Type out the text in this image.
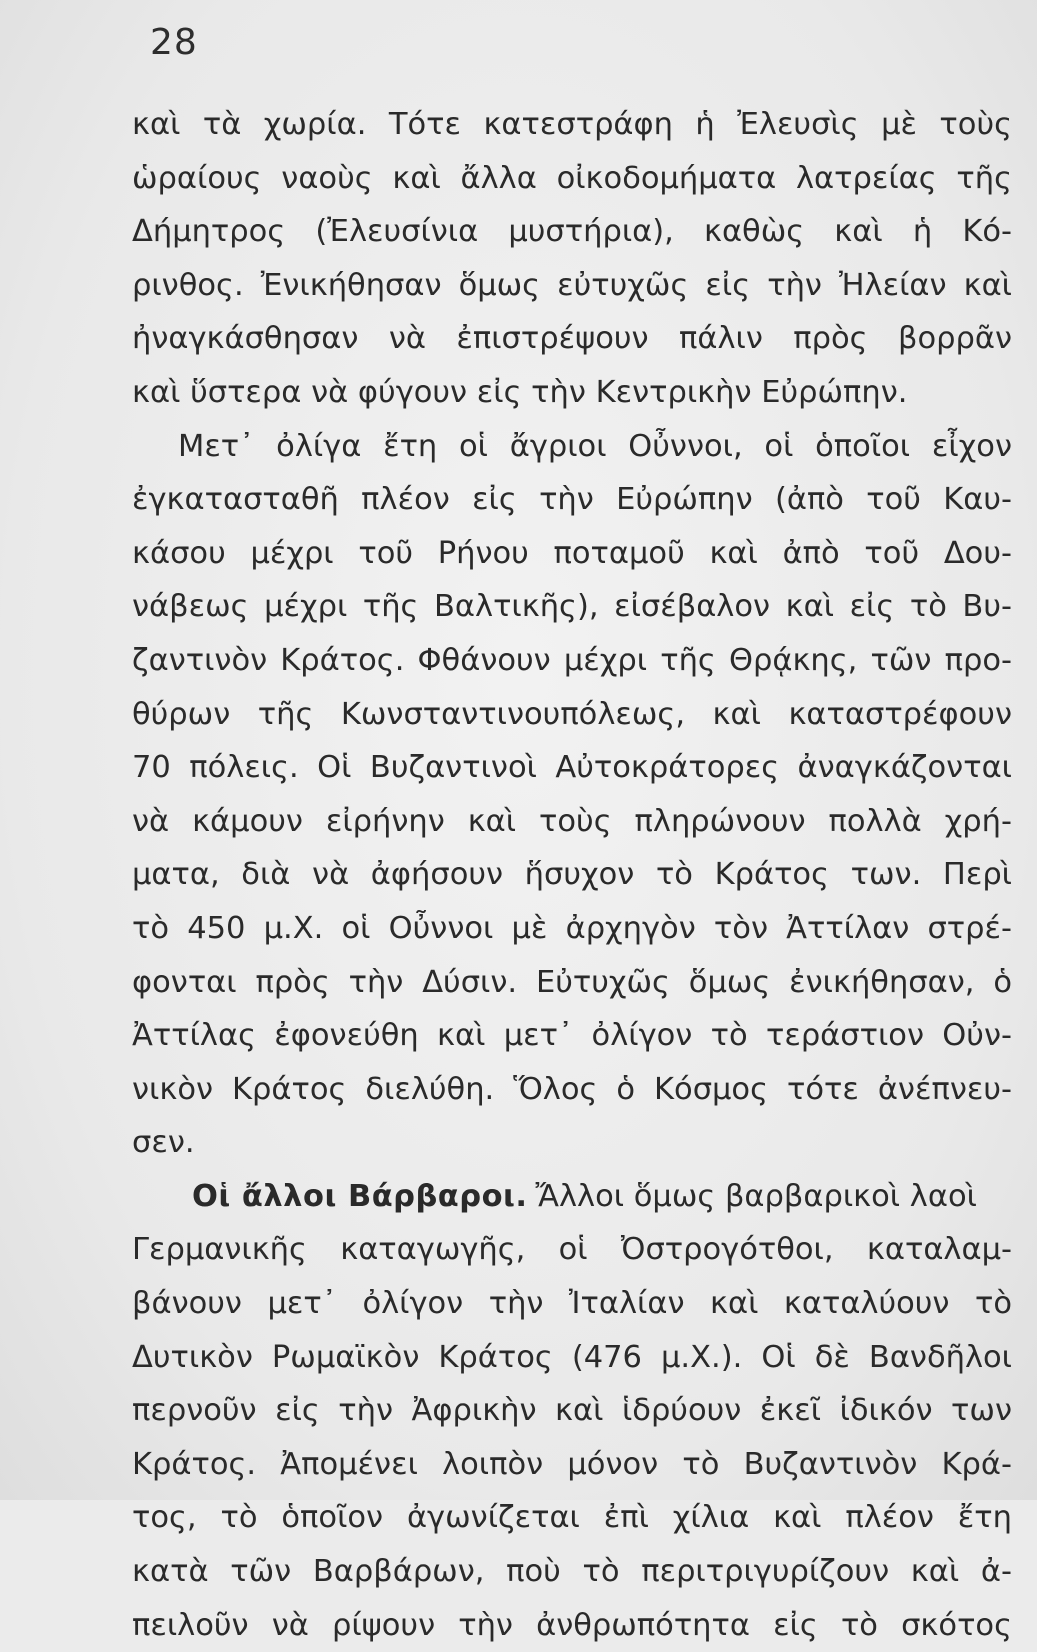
28
καὶ τὰ χωρία. Τότε κατεστράφη ἡ Ἐλευσὶς μὲ τοὺς
ὡραίους ναοὺς καὶ ἄλλα οἰκοδομήματα λατρείας τῆς
Δήμητρος (Ἐλευσίνια μυστήρια), καθὼς καὶ ἡ Κό-
ρινθος. Ἐνικήθησαν ὅμως εὐτυχῶς εἰς τὴν Ἠλείαν καὶ
ἠναγκάσθησαν νὰ ἐπιστρέψουν πάλιν πρὸς βορρᾶν
καὶ ὕστερα νὰ φύγουν εἰς τὴν Κεντρικὴν Εὐρώπην.
Μετ᾽ ὀλίγα ἔτη οἱ ἄγριοι Οὖννοι, οἱ ὁποῖοι εἶχον
ἐγκατασταθῆ πλέον εἰς τὴν Εὐρώπην (ἀπὸ τοῦ Καυ-
κάσου μέχρι τοῦ Ρήνου ποταμοῦ καὶ ἀπὸ τοῦ Δου-
νάβεως μέχρι τῆς Βαλτικῆς), εἰσέβαλον καὶ εἰς τὸ Βυ-
ζαντινὸν Κράτος. Φθάνουν μέχρι τῆς Θρᾴκης, τῶν προ-
θύρων τῆς Κωνσταντινουπόλεως, καὶ καταστρέφουν
70 πόλεις. Οἱ Βυζαντινοὶ Αὐτοκράτορες ἀναγκάζονται
νὰ κάμουν εἰρήνην καὶ τοὺς πληρώνουν πολλὰ χρή-
ματα, διὰ νὰ ἀφήσουν ἥσυχον τὸ Κράτος των. Περὶ
τὸ 450 μ.Χ. οἱ Οὖννοι μὲ ἀρχηγὸν τὸν Ἀττίλαν στρέ-
φονται πρὸς τὴν Δύσιν. Εὐτυχῶς ὅμως ἐνικήθησαν, ὁ
Ἀττίλας ἐφονεύθη καὶ μετ᾽ ὀλίγον τὸ τεράστιον Οὐν-
νικὸν Κράτος διελύθη. Ὅλος ὁ Κόσμος τότε ἀνέπνευ-
σεν.
Οἱ ἄλλοι Βάρβαροι. Ἄλλοι ὅμως βαρβαρικοὶ λαοὶ
Γερμανικῆς καταγωγῆς, οἱ Ὀστρογότθοι, καταλαμ-
βάνουν μετ᾽ ὀλίγον τὴν Ἰταλίαν καὶ καταλύουν τὸ
Δυτικὸν Ρωμαϊκὸν Κράτος (476 μ.Χ.). Οἱ δὲ Βανδῆλοι
περνοῦν εἰς τὴν Ἀφρικὴν καὶ ἱδρύουν ἐκεῖ ἰδικόν των
Κράτος. Ἀπομένει λοιπὸν μόνον τὸ Βυζαντινὸν Κρά-
τος, τὸ ὁποῖον ἀγωνίζεται ἐπὶ χίλια καὶ πλέον ἔτη
κατὰ τῶν Βαρβάρων, ποὺ τὸ περιτριγυρίζουν καὶ ἀ-
πειλοῦν νὰ ρίψουν τὴν ἀνθρωπότητα εἰς τὸ σκότος
